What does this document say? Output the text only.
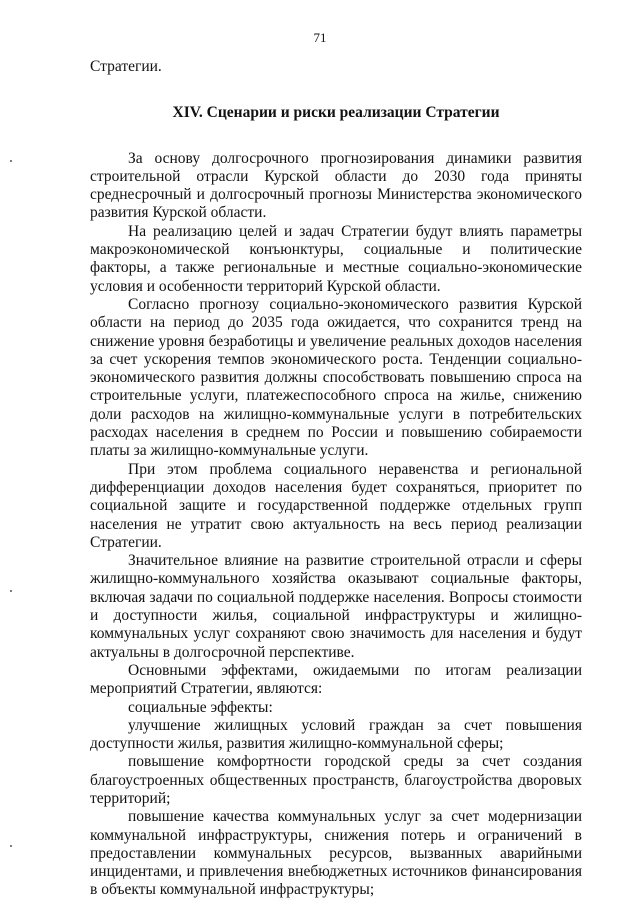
71

Стратегии.

XIV. Сценарии и риски реализации Стратегии

За основу долгосрочного прогнозирования динамики развития строительной отрасли Курской области до 2030 года приняты среднесрочный и долгосрочный прогнозы Министерства экономического развития Курской области.

На реализацию целей и задач Стратегии будут влиять параметры макроэкономической конъюнктуры, социальные и политические факторы, а также региональные и местные социально-экономические условия и особенности территорий Курской области.

Согласно прогнозу социально-экономического развития Курской области на период до 2035 года ожидается, что сохранится тренд на снижение уровня безработицы и увеличение реальных доходов населения за счет ускорения темпов экономического роста. Тенденции социально-экономического развития должны способствовать повышению спроса на строительные услуги, платежеспособного спроса на жилье, снижению доли расходов на жилищно-коммунальные услуги в потребительских расходах населения в среднем по России и повышению собираемости платы за жилищно-коммунальные услуги.

При этом проблема социального неравенства и региональной дифференциации доходов населения будет сохраняться, приоритет по социальной защите и государственной поддержке отдельных групп населения не утратит свою актуальность на весь период реализации Стратегии.

Значительное влияние на развитие строительной отрасли и сферы жилищно-коммунального хозяйства оказывают социальные факторы, включая задачи по социальной поддержке населения. Вопросы стоимости и доступности жилья, социальной инфраструктуры и жилищно-коммунальных услуг сохраняют свою значимость для населения и будут актуальны в долгосрочной перспективе.

Основными эффектами, ожидаемыми по итогам реализации мероприятий Стратегии, являются:

социальные эффекты:

улучшение жилищных условий граждан за счет повышения доступности жилья, развития жилищно-коммунальной сферы;

повышение комфортности городской среды за счет создания благоустроенных общественных пространств, благоустройства дворовых территорий;

повышение качества коммунальных услуг за счет модернизации коммунальной инфраструктуры, снижения потерь и ограничений в предоставлении коммунальных ресурсов, вызванных аварийными инцидентами, и привлечения внебюджетных источников финансирования в объекты коммунальной инфраструктуры;
